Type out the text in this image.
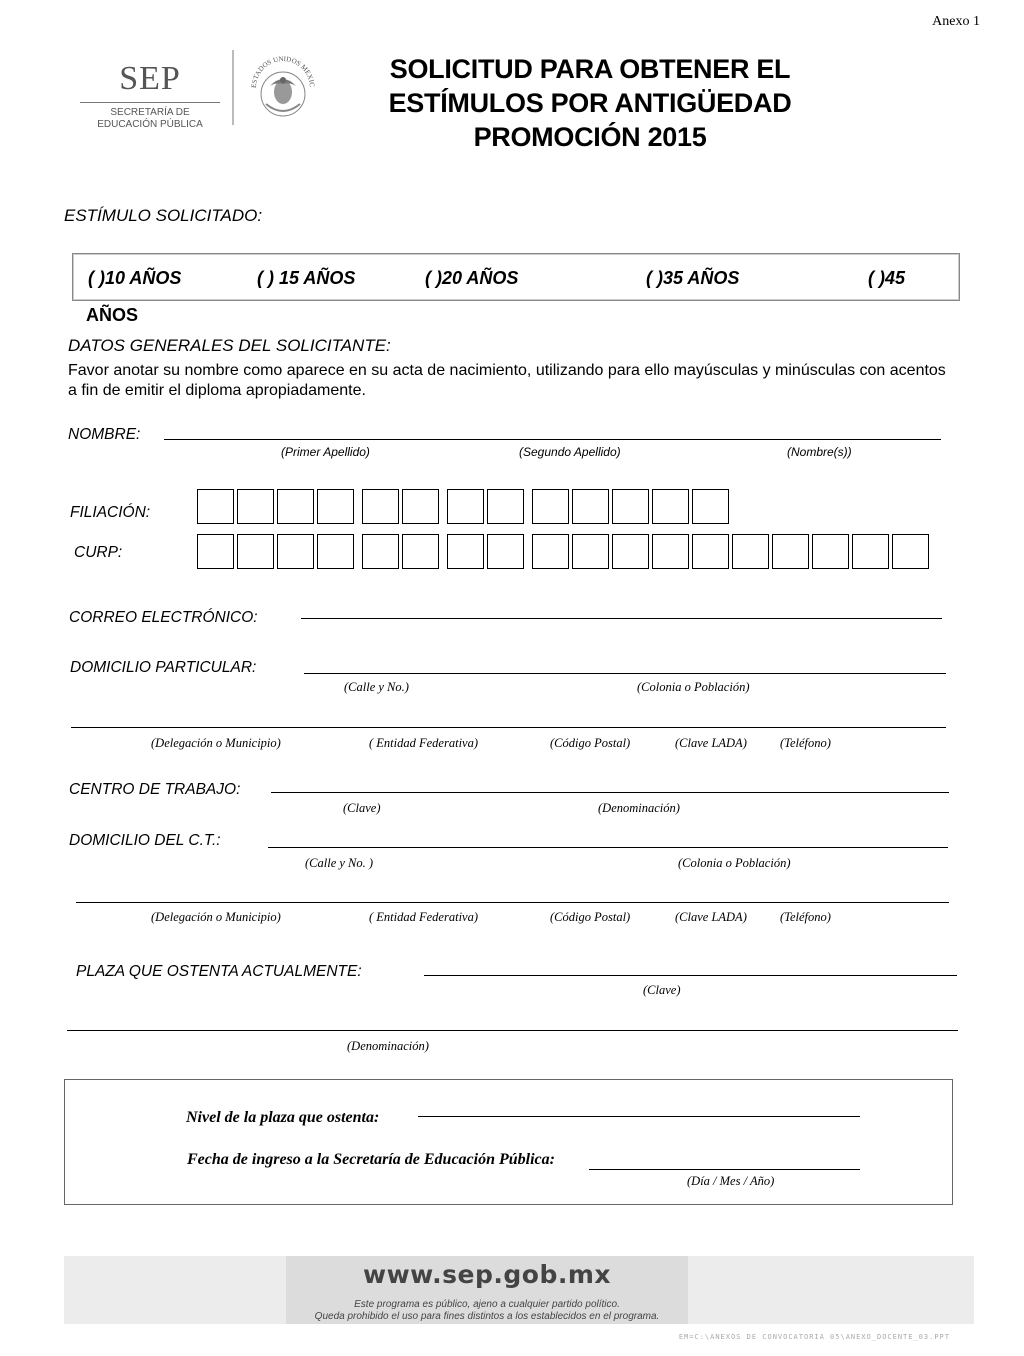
Anexo 1
SEP
SECRETARÍA DE
EDUCACIÓN PÚBLICA
ESTADOS UNIDOS MEXIC
SOLICITUD PARA OBTENER EL
ESTÍMULOS POR ANTIGÜEDAD
PROMOCIÓN 2015
ESTÍMULO SOLICITADO:
( )10 AÑOS	( ) 15 AÑOS	( )20 AÑOS	( )35 AÑOS	( )45
AÑOS
DATOS GENERALES DEL SOLICITANTE:
Favor anotar su nombre como aparece en su acta de nacimiento, utilizando para ello mayúsculas y minúsculas con acentos a fin de emitir el diploma apropiadamente.
NOMBRE:
(Primer Apellido)	(Segundo Apellido)	(Nombre(s))
FILIACIÓN:
CURP:
CORREO ELECTRÓNICO:
DOMICILIO PARTICULAR:
(Calle y No.)	(Colonia o Población)
(Delegación o Municipio)	( Entidad Federativa)	(Código Postal)	(Clave LADA)	(Teléfono)
CENTRO DE TRABAJO:
(Clave)	(Denominación)
DOMICILIO DEL C.T.:
(Calle y No. )	(Colonia o Población)
(Delegación o Municipio)	( Entidad Federativa)	(Código Postal)	(Clave LADA)	(Teléfono)
PLAZA QUE OSTENTA ACTUALMENTE:
(Clave)
(Denominación)
Nivel de la plaza que ostenta:
Fecha de ingreso a la Secretaría de Educación Pública:
(Día / Mes / Año)
www.sep.gob.mx
Este programa es público, ajeno a cualquier partido político.
Queda prohibido el uso para fines distintos a los establecidos en el programa.
EM=C:\ANEXOS DE CONVOCATORIA 05\ANEXO_DOCENTE_03.PPT
